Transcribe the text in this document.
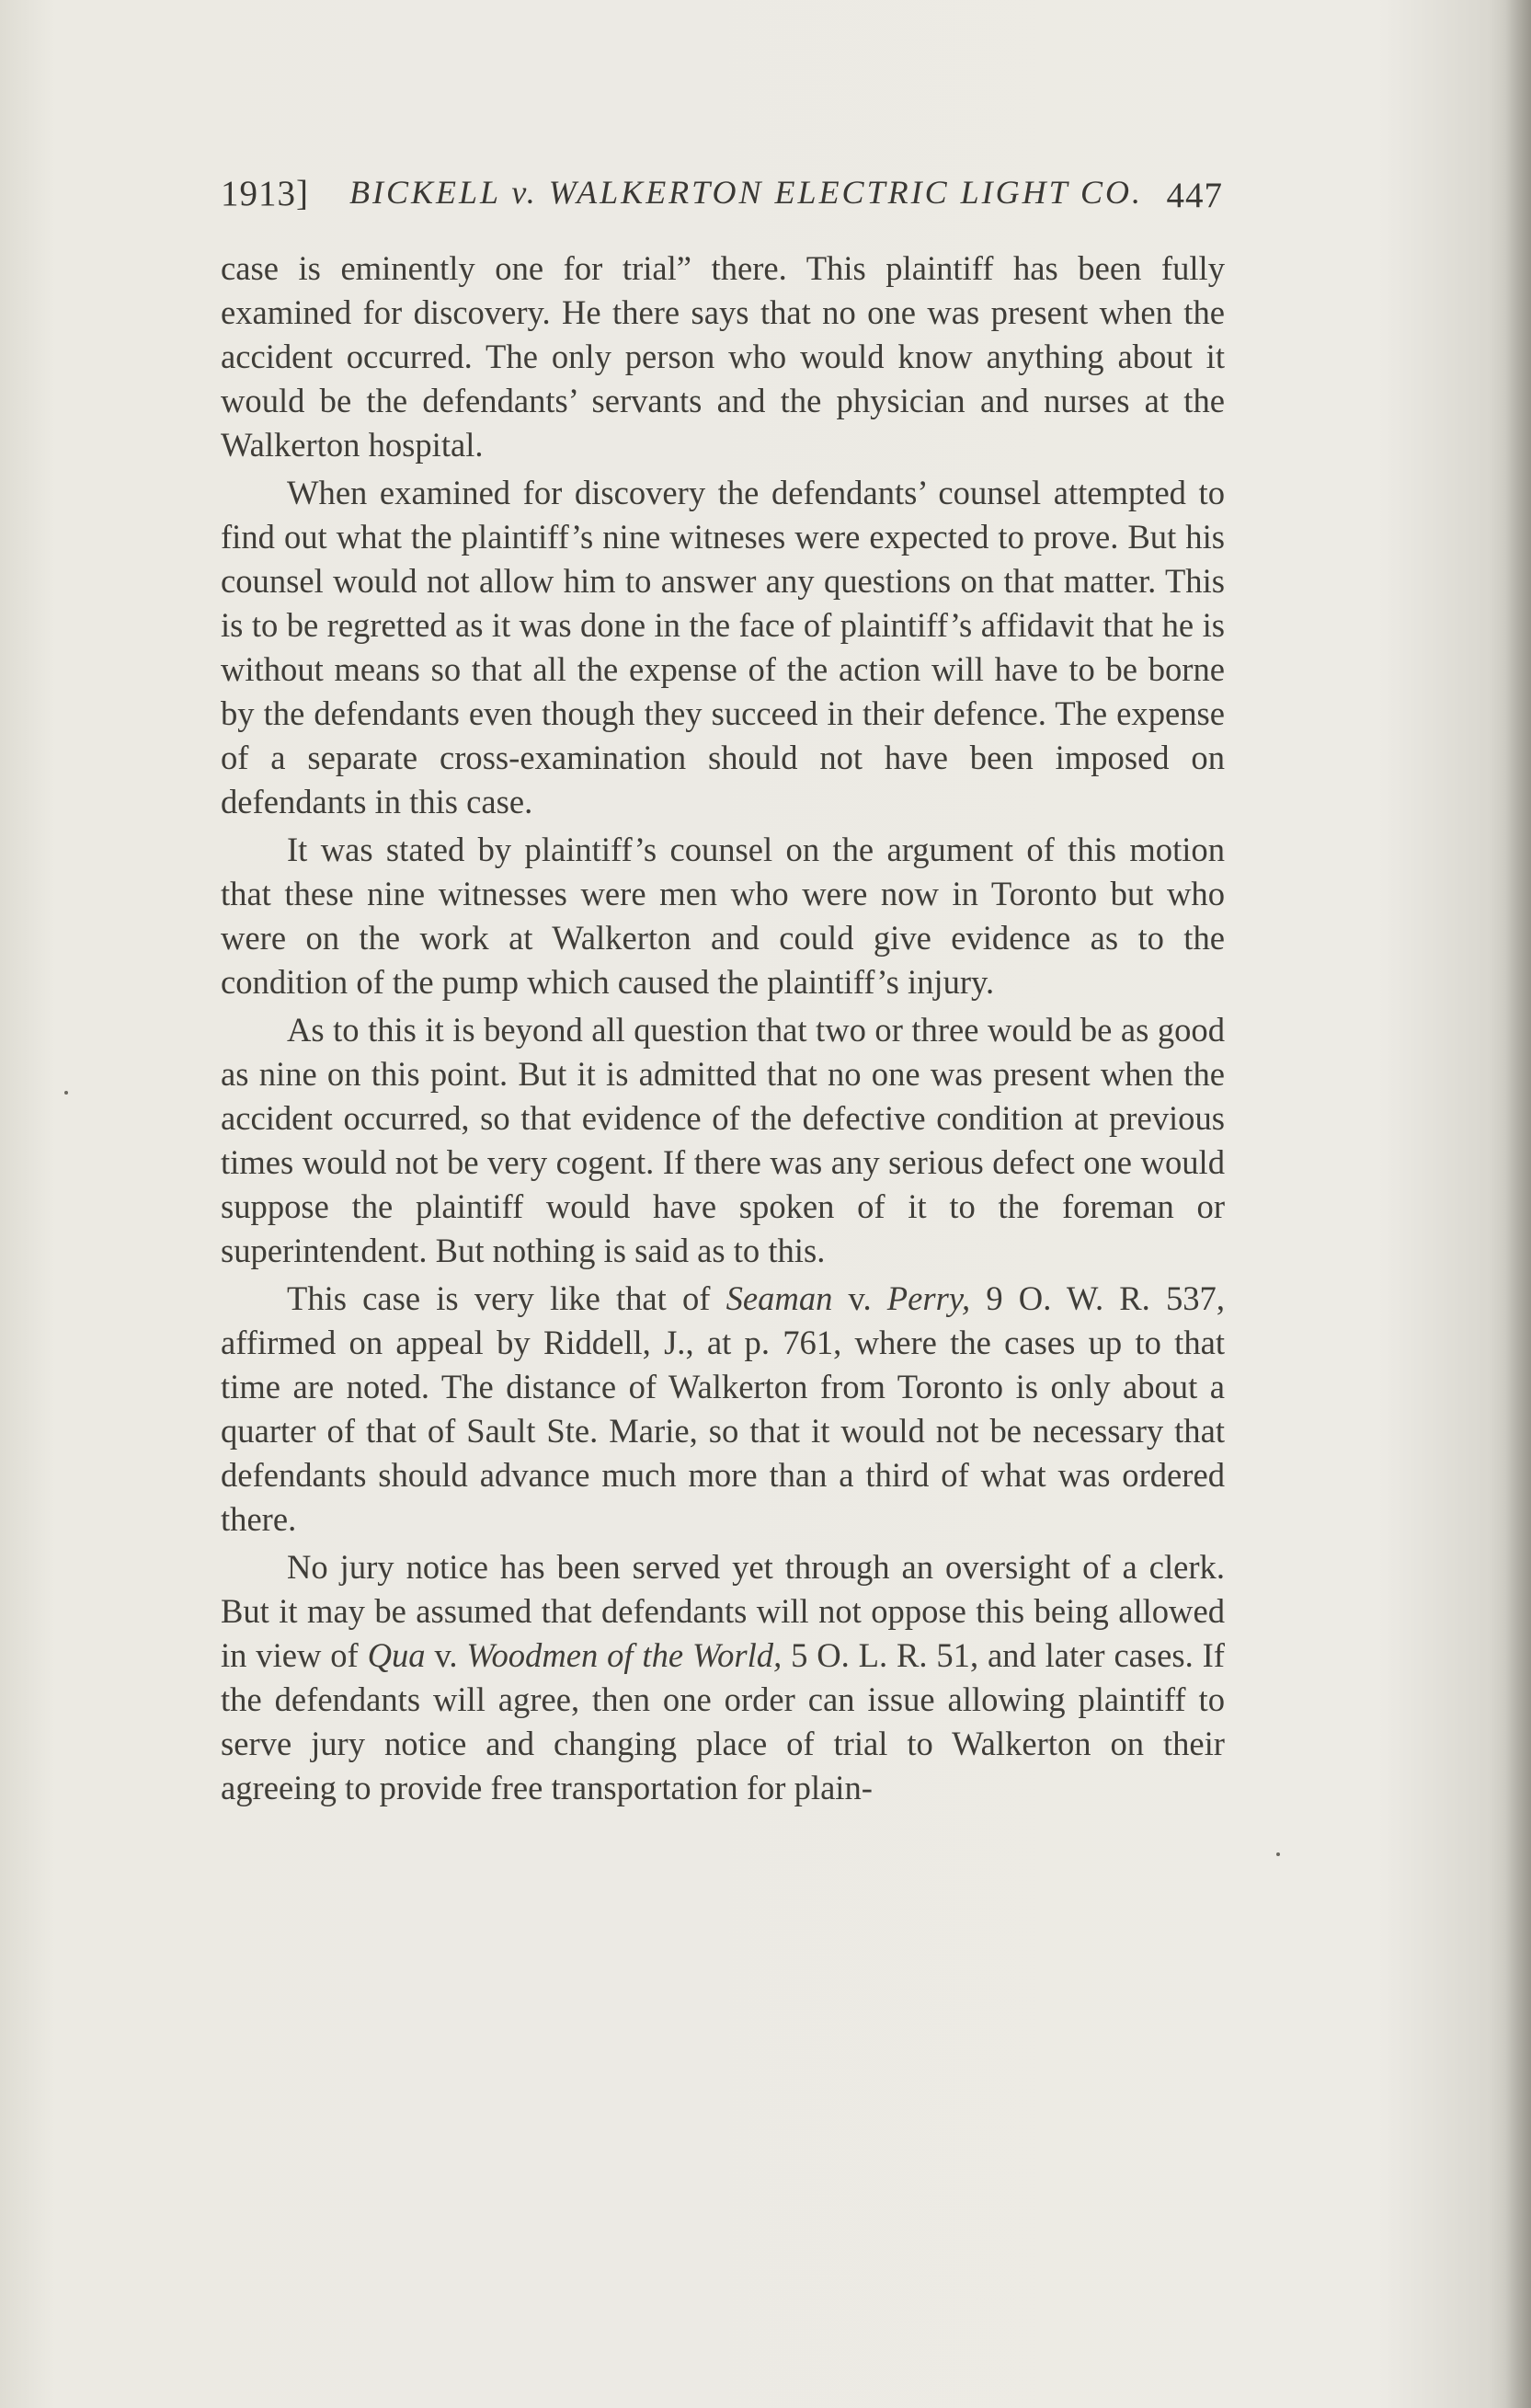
1913] BICKELL v. WALKERTON ELECTRIC LIGHT CO. 447

case is eminently one for trial” there. This plaintiff has been fully examined for discovery. He there says that no one was present when the accident occurred. The only person who would know anything about it would be the defendants’ servants and the physician and nurses at the Walkerton hospital.

When examined for discovery the defendants’ counsel attempted to find out what the plaintiff’s nine witneses were expected to prove. But his counsel would not allow him to answer any questions on that matter. This is to be regretted as it was done in the face of plaintiff’s affidavit that he is without means so that all the expense of the action will have to be borne by the defendants even though they succeed in their defence. The expense of a separate cross-examination should not have been imposed on defendants in this case.

It was stated by plaintiff’s counsel on the argument of this motion that these nine witnesses were men who were now in Toronto but who were on the work at Walkerton and could give evidence as to the condition of the pump which caused the plaintiff’s injury.

As to this it is beyond all question that two or three would be as good as nine on this point. But it is admitted that no one was present when the accident occurred, so that evidence of the defective condition at previous times would not be very cogent. If there was any serious defect one would suppose the plaintiff would have spoken of it to the foreman or superintendent. But nothing is said as to this.

This case is very like that of Seaman v. Perry, 9 O. W. R. 537, affirmed on appeal by Riddell, J., at p. 761, where the cases up to that time are noted. The distance of Walkerton from Toronto is only about a quarter of that of Sault Ste. Marie, so that it would not be necessary that defendants should advance much more than a third of what was ordered there.

No jury notice has been served yet through an oversight of a clerk. But it may be assumed that defendants will not oppose this being allowed in view of Qua v. Woodmen of the World, 5 O. L. R. 51, and later cases. If the defendants will agree, then one order can issue allowing plaintiff to serve jury notice and changing place of trial to Walkerton on their agreeing to provide free transportation for plain-
